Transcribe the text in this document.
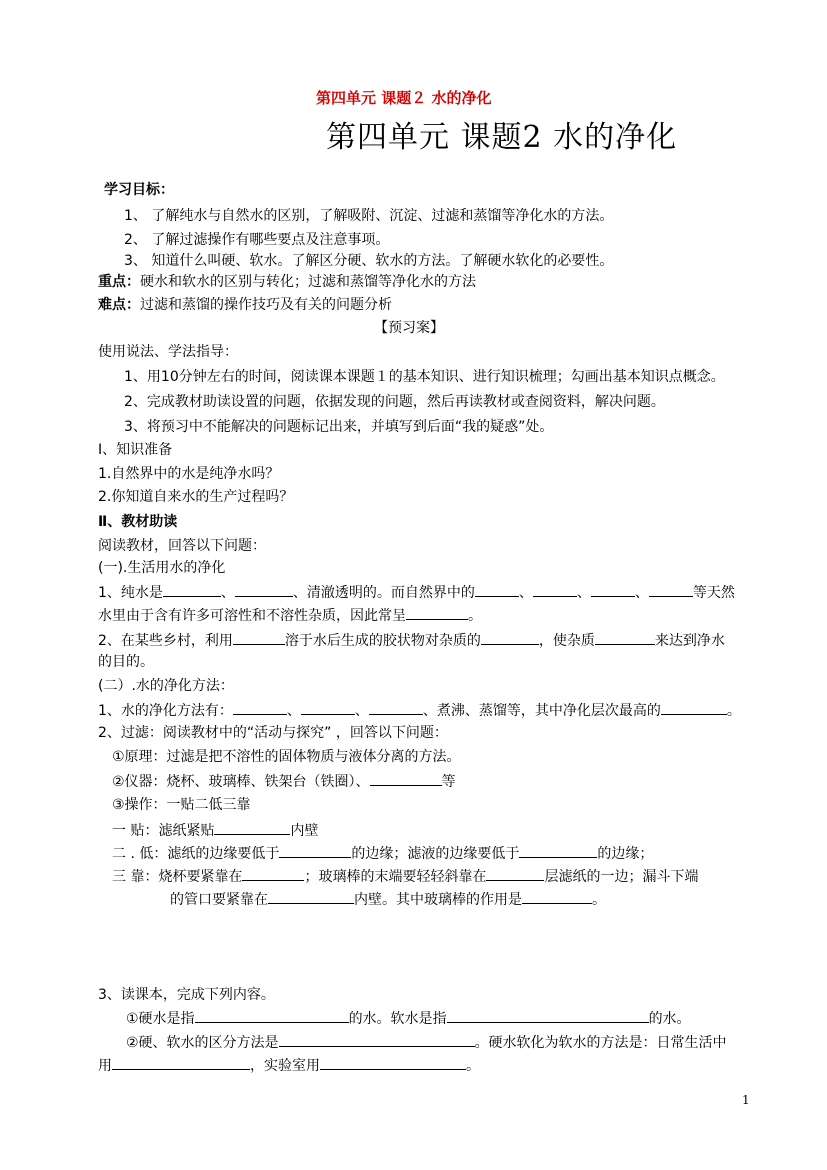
第四单元 课题２ 水的净化
第四单元 课题2 水的净化
学习目标：
1、 了解纯水与自然水的区别，了解吸附、沉淀、过滤和蒸馏等净化水的方法。
2、 了解过滤操作有哪些要点及注意事项。
3、 知道什么叫硬、软水。了解区分硬、软水的方法。了解硬水软化的必要性。
重点：硬水和软水的区别与转化；过滤和蒸馏等净化水的方法
难点：过滤和蒸馏的操作技巧及有关的问题分析
【预习案】
使用说法、学法指导：
1、用10分钟左右的时间，阅读课本课题１的基本知识、进行知识梳理；勾画出基本知识点概念。
2、完成教材助读设置的问题，依据发现的问题，然后再读教材或查阅资料，解决问题。
3、将预习中不能解决的问题标记出来，并填写到后面“我的疑惑”处。
Ⅰ、知识准备
1.自然界中的水是纯净水吗？
2.你知道自来水的生产过程吗？
Ⅱ、教材助读
阅读教材，回答以下问题：
(一).生活用水的净化
1、纯水是	、	、清澈透明的。而自然界中的	、	、	、	等天然
水里由于含有许多可溶性和不溶性杂质，因此常呈	。
2、在某些乡村，利用	溶于水后生成的胶状物对杂质的	，使杂质	来达到净水
的目的。
(二）.水的净化方法：
1、水的净化方法有：	、	、	、煮沸、蒸馏等，其中净化层次最高的	。
2、过滤：阅读教材中的“活动与探究” ，回答以下问题：
①原理：过滤是把不溶性的固体物质与液体分离的方法。
②仪器：烧杯、玻璃棒、铁架台（铁圈）、	等
③操作：一贴二低三靠
一 贴：滤纸紧贴	内壁
二 . 低：滤纸的边缘要低于	的边缘；滤液的边缘要低于	的边缘；
三 靠：烧杯要紧靠在	；玻璃棒的末端要轻轻斜靠在	层滤纸的一边；漏斗下端
的管口要紧靠在	内壁。其中玻璃棒的作用是	。
3、读课本，完成下列内容。
①硬水是指	的水。软水是指	的水。
②硬、软水的区分方法是	。硬水软化为软水的方法是：日常生活中
用	，实验室用	。
1
